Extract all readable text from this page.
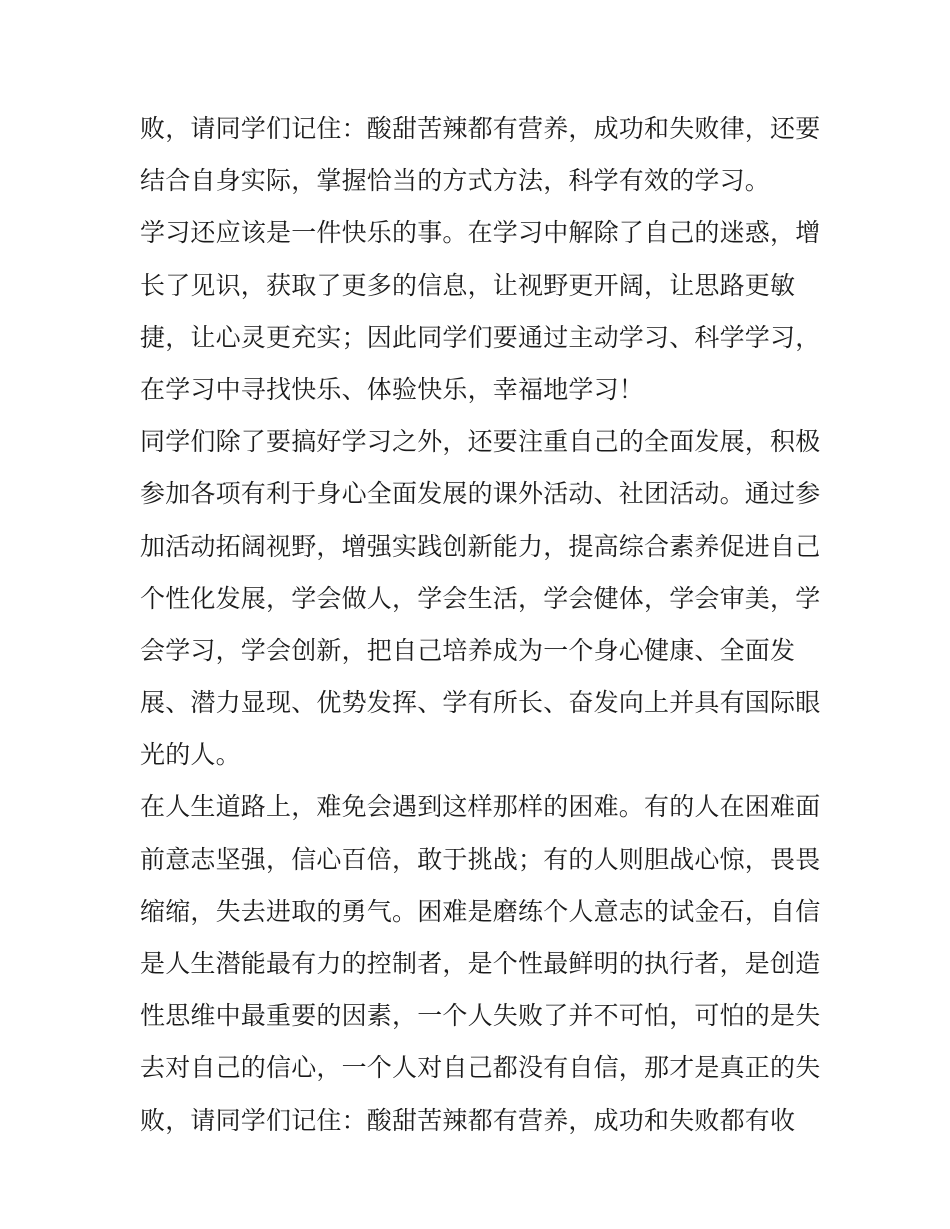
败，请同学们记住：酸甜苦辣都有营养，成功和失败律，还要
结合自身实际，掌握恰当的方式方法，科学有效的学习。
学习还应该是一件快乐的事。在学习中解除了自己的迷惑，增
长了见识，获取了更多的信息，让视野更开阔，让思路更敏
捷，让心灵更充实；因此同学们要通过主动学习、科学学习，
在学习中寻找快乐、体验快乐，幸福地学习！
同学们除了要搞好学习之外，还要注重自己的全面发展，积极
参加各项有利于身心全面发展的课外活动、社团活动。通过参
加活动拓阔视野，增强实践创新能力，提高综合素养促进自己
个性化发展，学会做人，学会生活，学会健体，学会审美，学
会学习，学会创新，把自己培养成为一个身心健康、全面发
展、潜力显现、优势发挥、学有所长、奋发向上并具有国际眼
光的人。
在人生道路上，难免会遇到这样那样的困难。有的人在困难面
前意志坚强，信心百倍，敢于挑战；有的人则胆战心惊，畏畏
缩缩，失去进取的勇气。困难是磨练个人意志的试金石，自信
是人生潜能最有力的控制者，是个性最鲜明的执行者，是创造
性思维中最重要的因素，一个人失败了并不可怕，可怕的是失
去对自己的信心，一个人对自己都没有自信，那才是真正的失
败，请同学们记住：酸甜苦辣都有营养，成功和失败都有收
